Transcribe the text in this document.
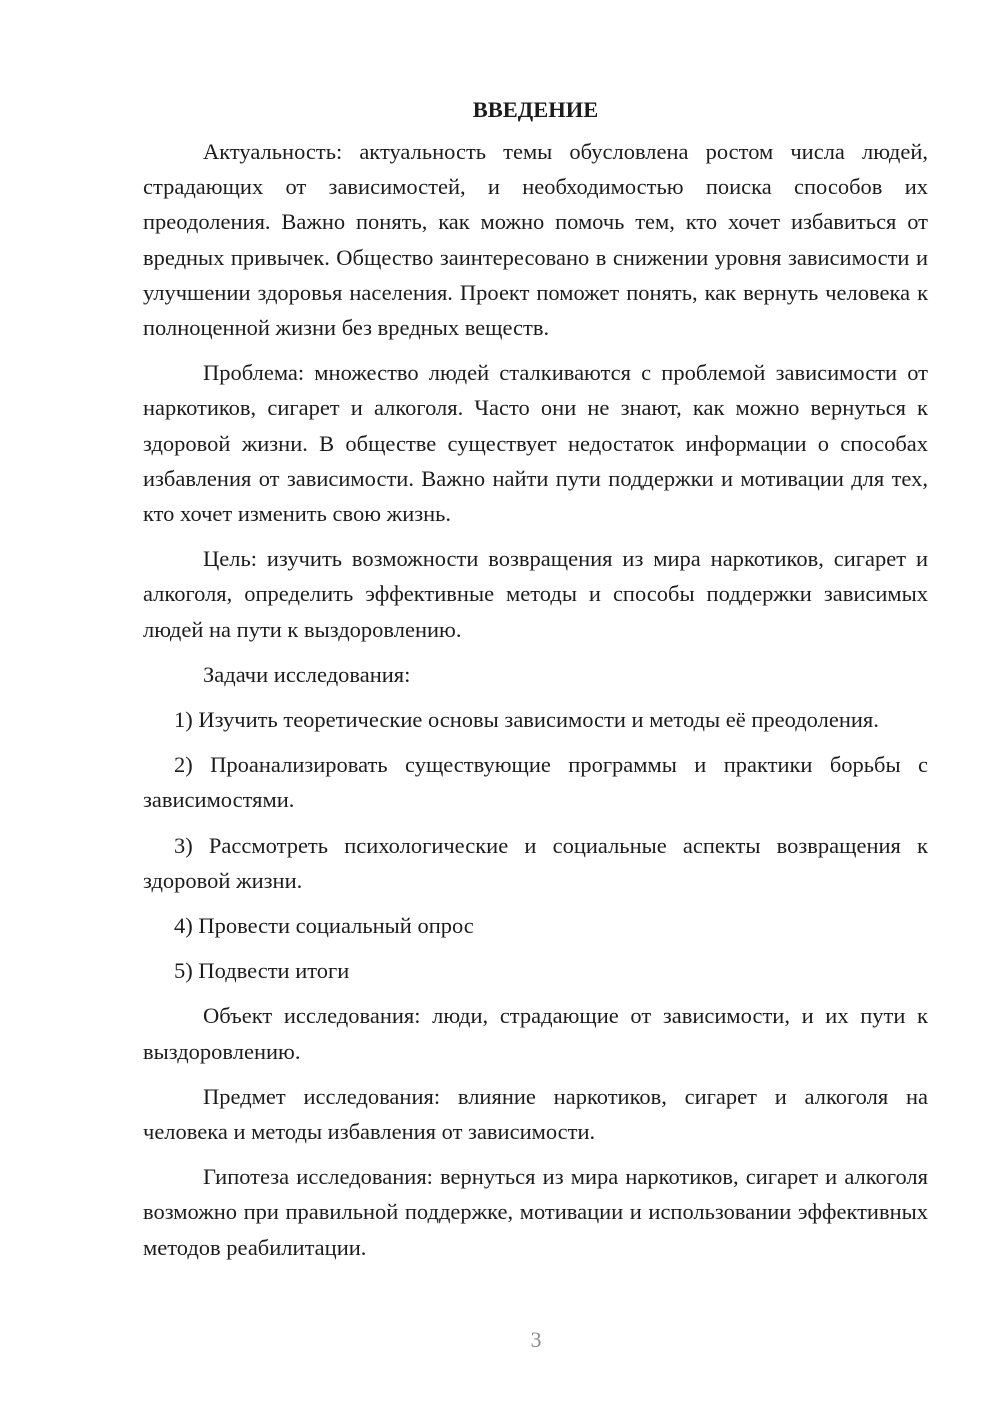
ВВЕДЕНИЕ

Актуальность: актуальность темы обусловлена ростом числа людей, страдающих от зависимостей, и необходимостью поиска способов их преодоления. Важно понять, как можно помочь тем, кто хочет избавиться от вредных привычек. Общество заинтересовано в снижении уровня зависимости и улучшении здоровья населения. Проект поможет понять, как вернуть человека к полноценной жизни без вредных веществ.

Проблема: множество людей сталкиваются с проблемой зависимости от наркотиков, сигарет и алкоголя. Часто они не знают, как можно вернуться к здоровой жизни. В обществе существует недостаток информации о способах избавления от зависимости. Важно найти пути поддержки и мотивации для тех, кто хочет изменить свою жизнь.

Цель: изучить возможности возвращения из мира наркотиков, сигарет и алкоголя, определить эффективные методы и способы поддержки зависимых людей на пути к выздоровлению.

Задачи исследования:

1) Изучить теоретические основы зависимости и методы её преодоления.

2) Проанализировать существующие программы и практики борьбы с зависимостями.

3) Рассмотреть психологические и социальные аспекты возвращения к здоровой жизни.

4) Провести социальный опрос

5) Подвести итоги

Объект исследования: люди, страдающие от зависимости, и их пути к выздоровлению.

Предмет исследования: влияние наркотиков, сигарет и алкоголя на человека и методы избавления от зависимости.

Гипотеза исследования: вернуться из мира наркотиков, сигарет и алкоголя возможно при правильной поддержке, мотивации и использовании эффективных методов реабилитации.

3
